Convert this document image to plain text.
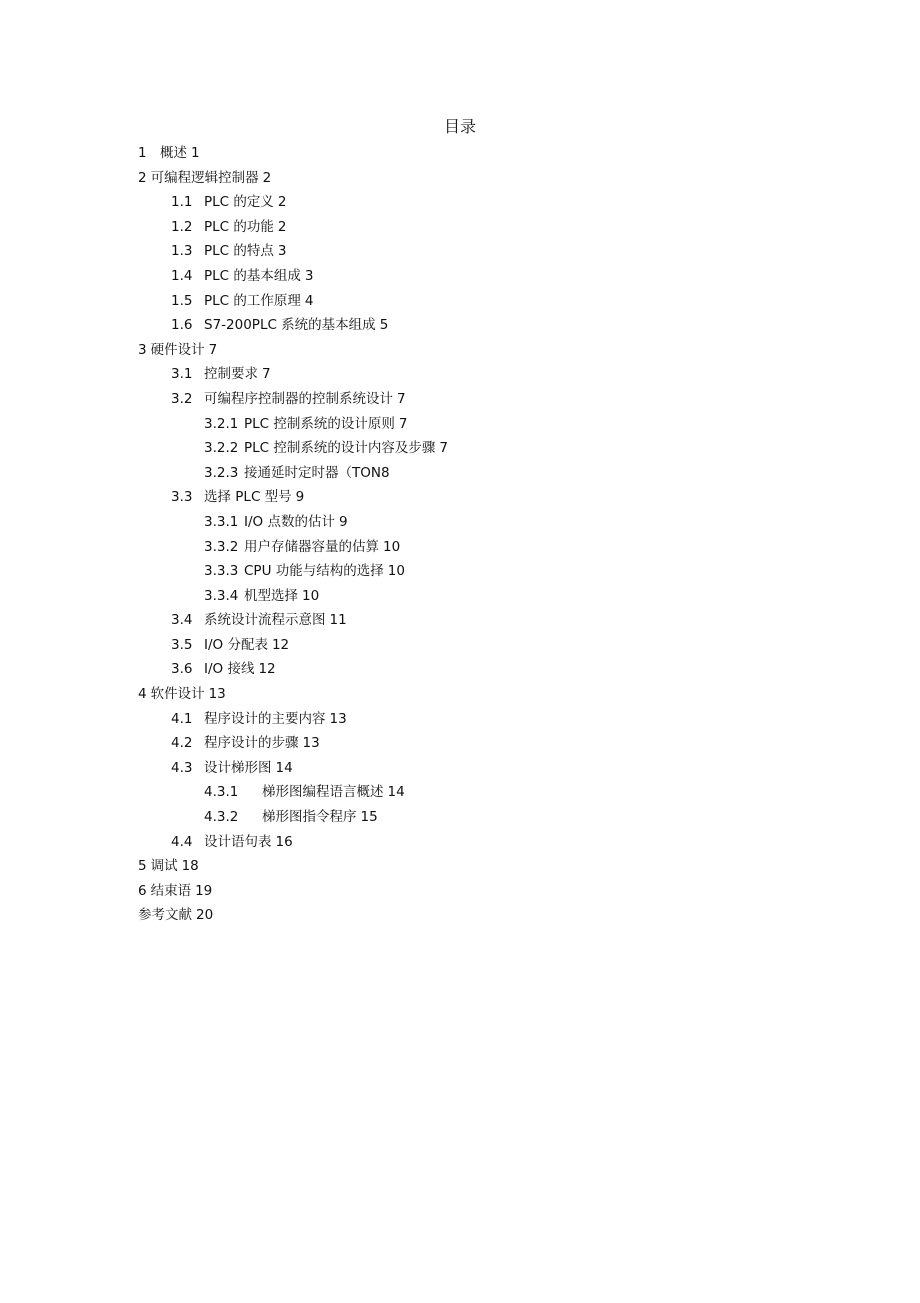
目录
1 概述 1
2 可编程逻辑控制器 2
1.1 PLC 的定义 2
1.2 PLC 的功能 2
1.3 PLC 的特点 3
1.4 PLC 的基本组成 3
1.5 PLC 的工作原理 4
1.6 S7-200PLC 系统的基本组成 5
3 硬件设计 7
3.1 控制要求 7
3.2 可编程序控制器的控制系统设计 7
3.2.1 PLC 控制系统的设计原则 7
3.2.2 PLC 控制系统的设计内容及步骤 7
3.2.3 接通延时定时器（TON8
3.3 选择 PLC 型号 9
3.3.1 I/O 点数的估计 9
3.3.2 用户存储器容量的估算 10
3.3.3 CPU 功能与结构的选择 10
3.3.4 机型选择 10
3.4 系统设计流程示意图 11
3.5 I/O 分配表 12
3.6 I/O 接线 12
4 软件设计 13
4.1 程序设计的主要内容 13
4.2 程序设计的步骤 13
4.3 设计梯形图 14
4.3.1	梯形图编程语言概述 14
4.3.2	梯形图指令程序 15
4.4 设计语句表 16
5 调试 18
6 结束语 19
参考文献 20
